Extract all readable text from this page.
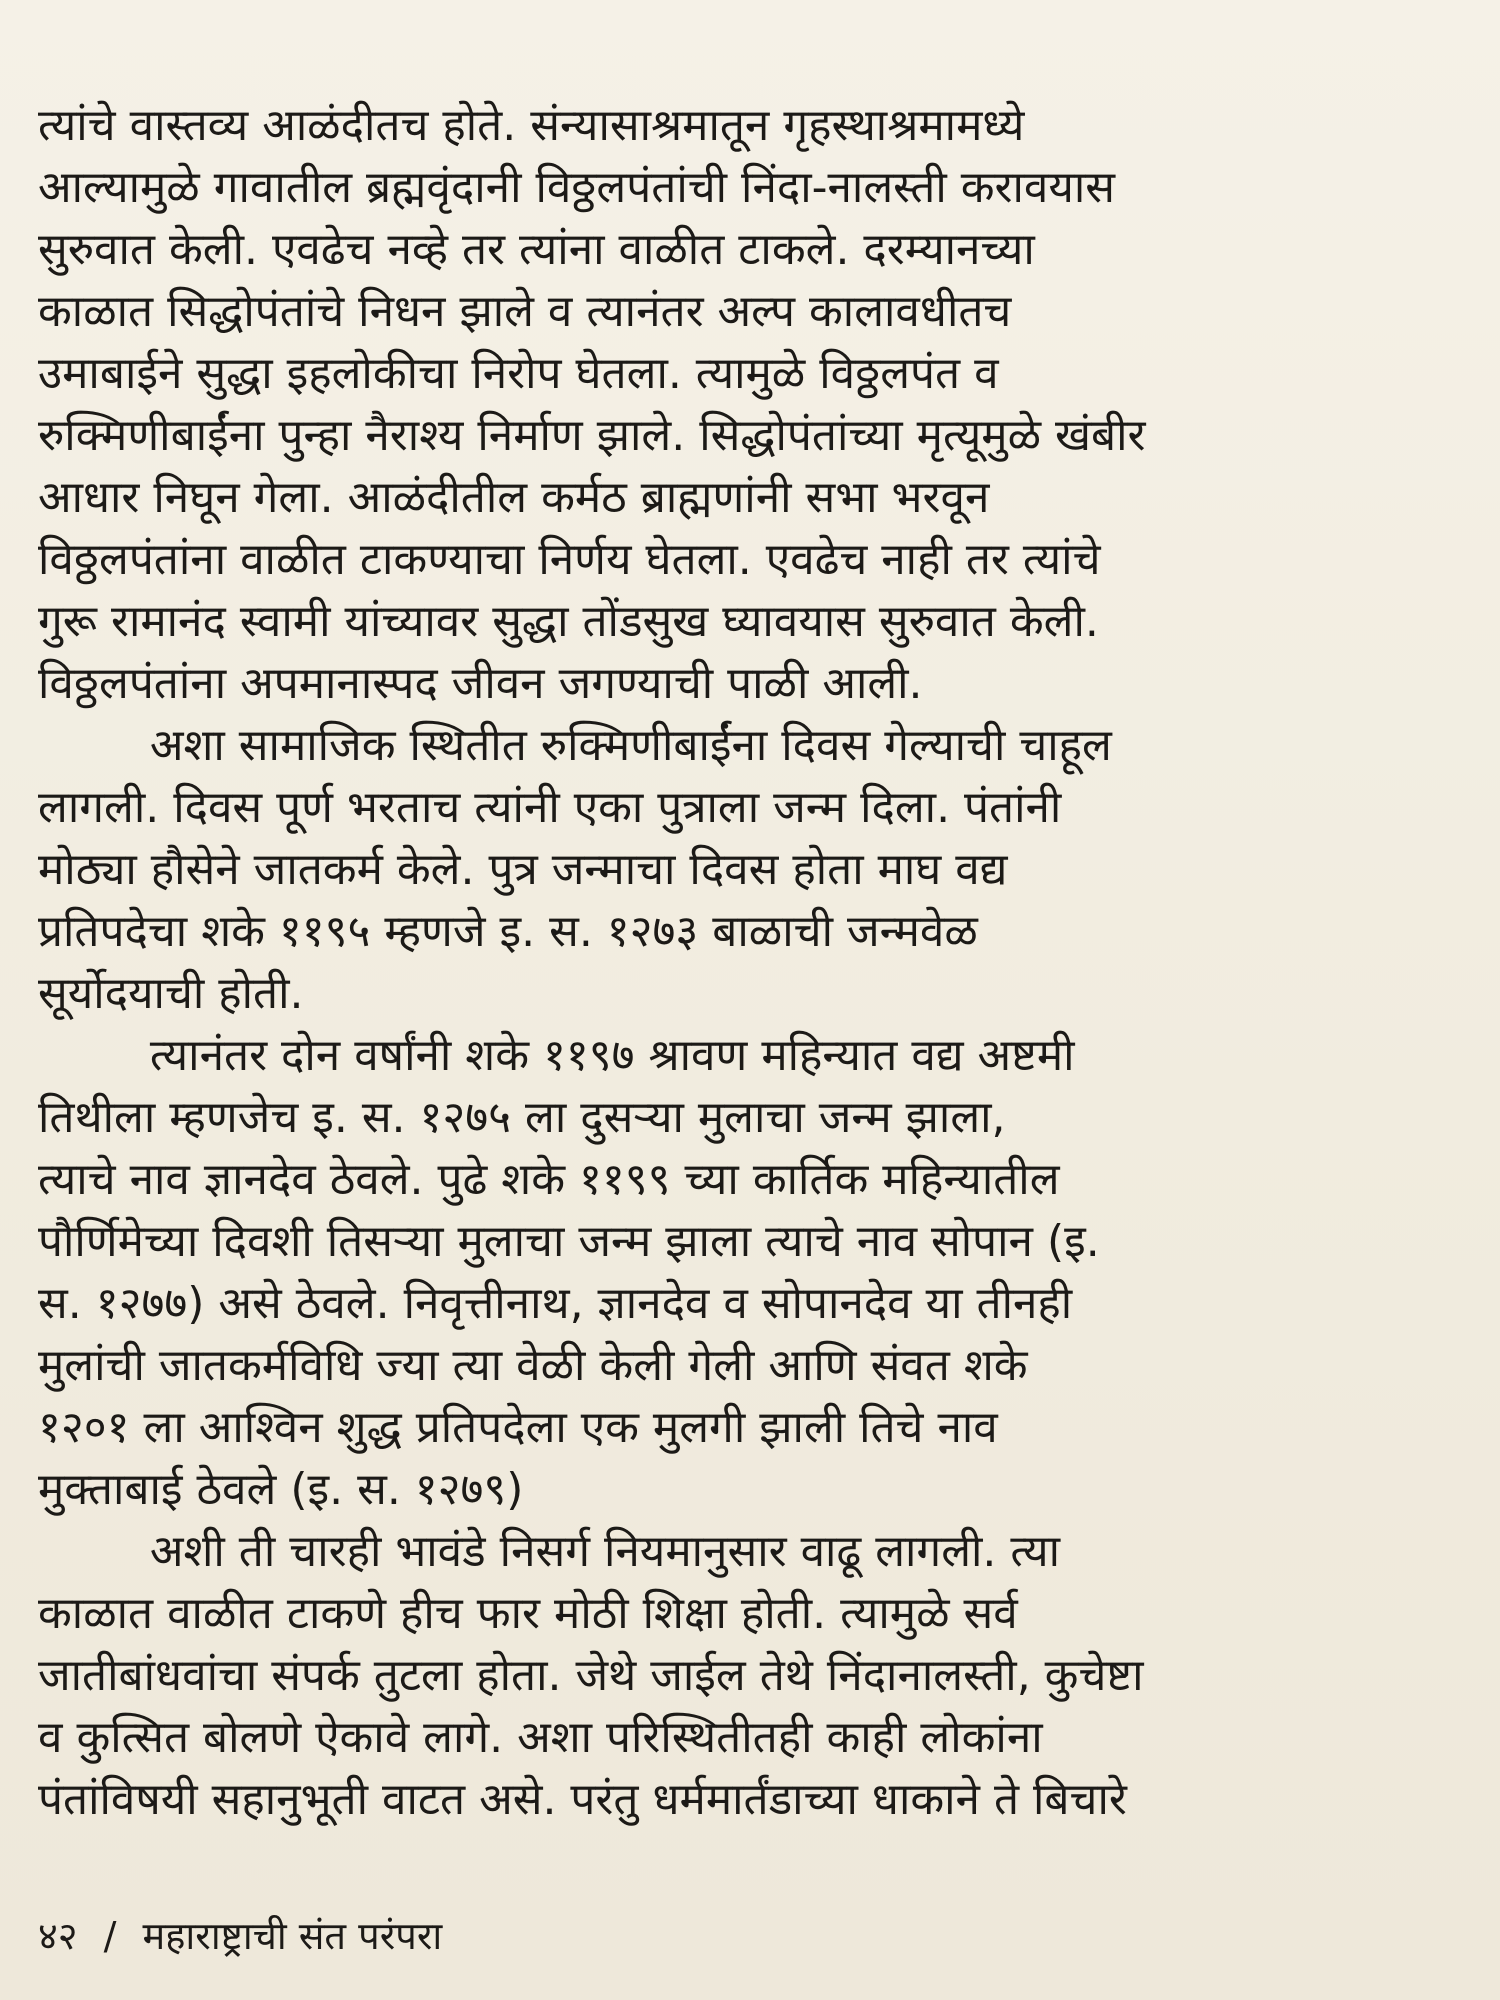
त्यांचे वास्तव्य आळंदीतच होते. संन्यासाश्रमातून गृहस्थाश्रमामध्ये
आल्यामुळे गावातील ब्रह्मवृंदानी विठ्ठलपंतांची निंदा-नालस्ती करावयास
सुरुवात केली. एवढेच नव्हे तर त्यांना वाळीत टाकले. दरम्यानच्या
काळात सिद्धोपंतांचे निधन झाले व त्यानंतर अल्प कालावधीतच
उमाबाईने सुद्धा इहलोकीचा निरोप घेतला. त्यामुळे विठ्ठलपंत व
रुक्मिणीबाईंना पुन्हा नैराश्य निर्माण झाले. सिद्धोपंतांच्या मृत्यूमुळे खंबीर
आधार निघून गेला. आळंदीतील कर्मठ ब्राह्मणांनी सभा भरवून
विठ्ठलपंतांना वाळीत टाकण्याचा निर्णय घेतला. एवढेच नाही तर त्यांचे
गुरू रामानंद स्वामी यांच्यावर सुद्धा तोंडसुख घ्यावयास सुरुवात केली.
विठ्ठलपंतांना अपमानास्पद जीवन जगण्याची पाळी आली.
अशा सामाजिक स्थितीत रुक्मिणीबाईंना दिवस गेल्याची चाहूल
लागली. दिवस पूर्ण भरताच त्यांनी एका पुत्राला जन्म दिला. पंतांनी
मोठ्या हौसेने जातकर्म केले. पुत्र जन्माचा दिवस होता माघ वद्य
प्रतिपदेचा शके ११९५ म्हणजे इ. स. १२७३ बाळाची जन्मवेळ
सूर्योदयाची होती.
त्यानंतर दोन वर्षांनी शके ११९७ श्रावण महिन्यात वद्य अष्टमी
तिथीला म्हणजेच इ. स. १२७५ ला दुसऱ्या मुलाचा जन्म झाला,
त्याचे नाव ज्ञानदेव ठेवले. पुढे शके ११९९ च्या कार्तिक महिन्यातील
पौर्णिमेच्या दिवशी तिसऱ्या मुलाचा जन्म झाला त्याचे नाव सोपान (इ.
स. १२७७) असे ठेवले. निवृत्तीनाथ, ज्ञानदेव व सोपानदेव या तीनही
मुलांची जातकर्मविधि ज्या त्या वेळी केली गेली आणि संवत शके
१२०१ ला आश्विन शुद्ध प्रतिपदेला एक मुलगी झाली तिचे नाव
मुक्ताबाई ठेवले (इ. स. १२७९)
अशी ती चारही भावंडे निसर्ग नियमानुसार वाढू लागली. त्या
काळात वाळीत टाकणे हीच फार मोठी शिक्षा होती. त्यामुळे सर्व
जातीबांधवांचा संपर्क तुटला होता. जेथे जाईल तेथे निंदानालस्ती, कुचेष्टा
व कुत्सित बोलणे ऐकावे लागे. अशा परिस्थितीतही काही लोकांना
पंतांविषयी सहानुभूती वाटत असे. परंतु धर्ममार्तंडाच्या धाकाने ते बिचारे
४२ / महाराष्ट्राची संत परंपरा
